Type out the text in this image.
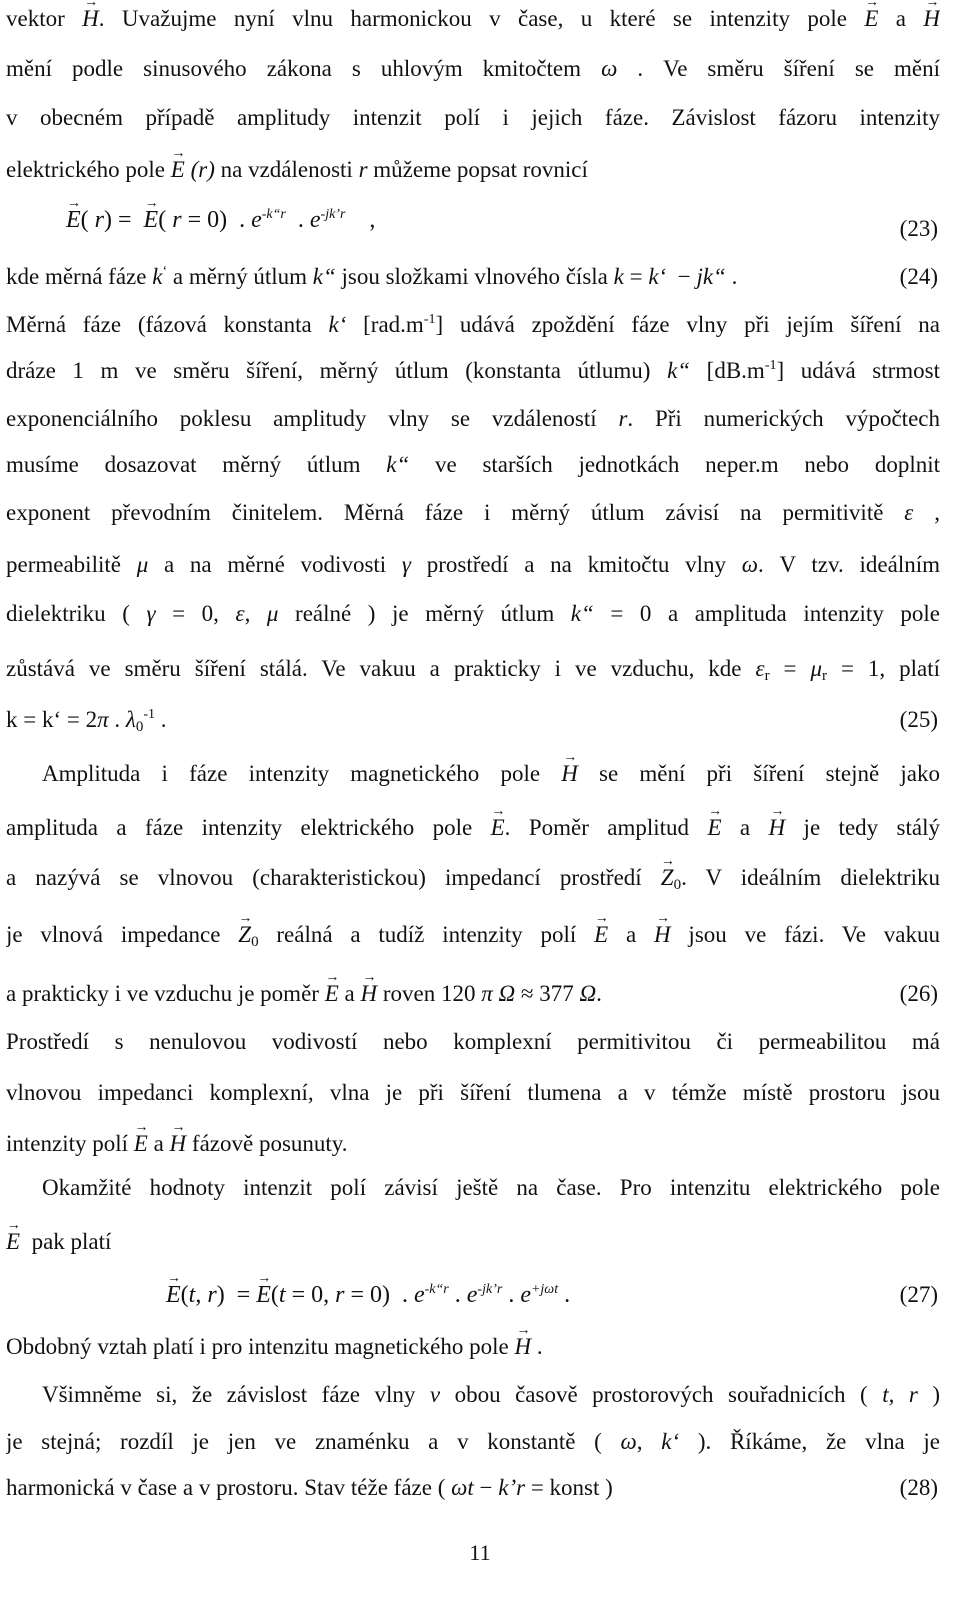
vektor → H. Uvažujme nyní vlnu harmonickou v čase, u které se intenzity pole → E a → H
mění podle sinusového zákona s uhlovým kmitočtem ω . Ve směru šíření se mění
v obecném případě amplitudy intenzit polí i jejich fáze. Závislost fázoru intenzity
elektrického pole → E (r) na vzdálenosti r můžeme popsat rovnicí
→ E( r) =  → E( r = 0)  . $e^{-k“r}$  . $e^{-jk’r}$    ,	(23)
kde měrná fáze k‘ a měrný útlum k“ jsou složkami vlnového čísla k = k‘  − jk“ .	(24)
Měrná fáze (fázová konstanta k‘ $[rad.m^{-1}]$ udává zpoždění fáze vlny při jejím šíření na
dráze 1 m ve směru šíření, měrný útlum (konstanta útlumu) k“ $[dB.m^{-1}]$ udává strmost
exponenciálního poklesu amplitudy vlny se vzdáleností r. Při numerických výpočtech
musíme dosazovat měrný útlum k“ ve starších jednotkách neper.m nebo doplnit
exponent převodním činitelem. Měrná fáze i měrný útlum závisí na permitivitě ε ,
permeabilitě μ a na měrné vodivosti γ prostředí a na kmitočtu vlny ω. V tzv. ideálním
dielektriku ( γ = 0, ε, μ reálné ) je měrný útlum k“ = 0 a amplituda intenzity pole
zůstává ve směru šíření stálá. Ve vakuu a prakticky i ve vzduchu, kde $\varepsilon_r = \mu_r = 1$, platí
k = k‘ = 2π . $\lambda_0^{-1}$ .	(25)
Amplituda i fáze intenzity magnetického pole → H se mění při šíření stejně jako
amplituda a fáze intenzity elektrického pole → E. Poměr amplitud → E a → H je tedy stálý
a nazývá se vlnovou (charakteristickou) impedancí prostředí → $Z_0$. V ideálním dielektriku
je vlnová impedance → $Z_0$ reálná a tudíž intenzity polí → E a → H jsou ve fázi. Ve vakuu
a prakticky i ve vzduchu je poměr → E a → H roven 120 π Ω ≈ 377 Ω.	(26)
Prostředí s nenulovou vodivostí nebo komplexní permitivitou či permeabilitou má
vlnovou impedanci komplexní, vlna je při šíření tlumena a v témže místě prostoru jsou
intenzity polí → E a → H fázově posunuty.
Okamžité hodnoty intenzit polí závisí ještě na čase. Pro intenzitu elektrického pole
→ E  pak platí
→ E(t, r)  = → E(t = 0, r = 0)  . $e^{-k“r}$ . $e^{-jk’r}$ . $e^{+j\omega t}$ .	(27)
Obdobný vztah platí i pro intenzitu magnetického pole → H .
Všimněme si, že závislost fáze vlny v obou časově prostorových souřadnicích ( t, r )
je stejná; rozdíl je jen ve znaménku a v konstantě ( ω, k‘ ). Říkáme, že vlna je
harmonická v čase a v prostoru. Stav téže fáze ( ωt − k’r = konst )	(28)
11
